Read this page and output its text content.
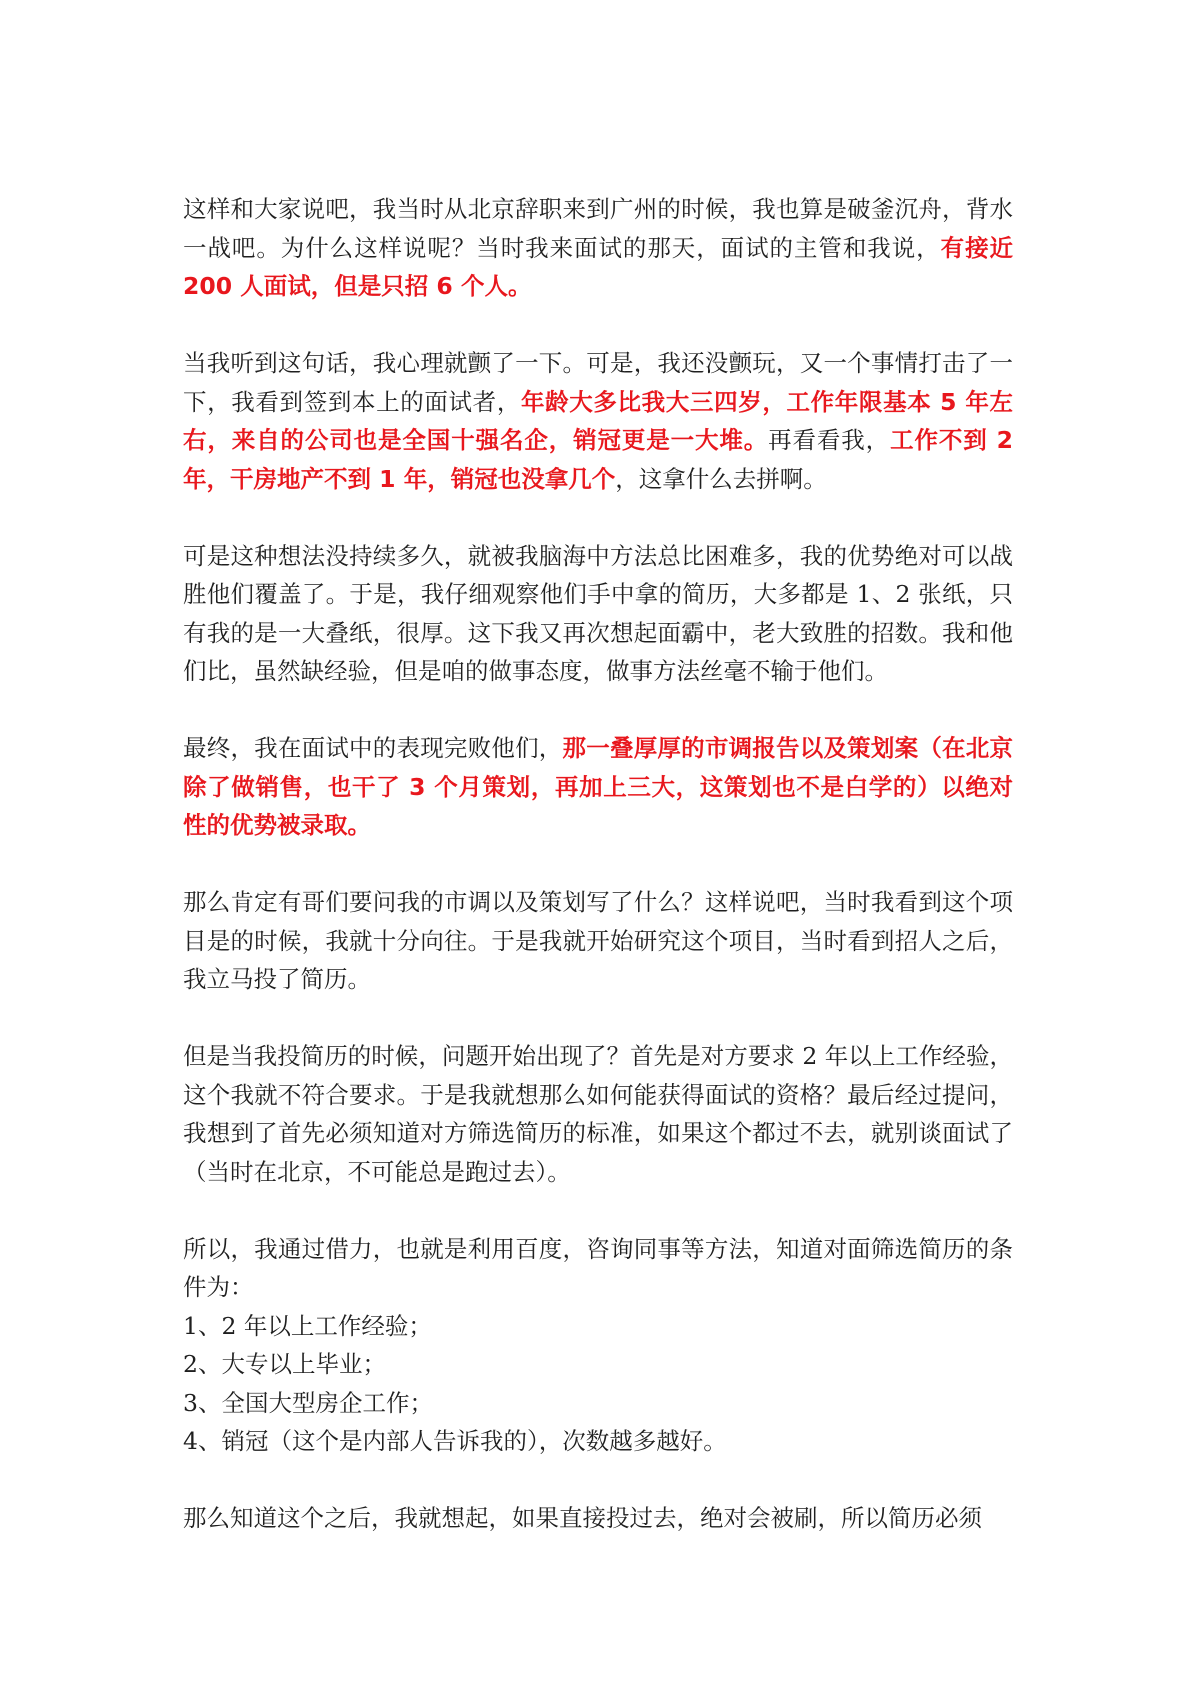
这样和大家说吧，我当时从北京辞职来到广州的时候，我也算是破釜沉舟，背水一战吧。为什么这样说呢？当时我来面试的那天，面试的主管和我说，有接近 200 人面试，但是只招 6 个人。

当我听到这句话，我心理就颤了一下。可是，我还没颤玩，又一个事情打击了一下，我看到签到本上的面试者，年龄大多比我大三四岁，工作年限基本 5 年左右，来自的公司也是全国十强名企，销冠更是一大堆。再看看我，工作不到 2 年，干房地产不到 1 年，销冠也没拿几个，这拿什么去拼啊。

可是这种想法没持续多久，就被我脑海中方法总比困难多，我的优势绝对可以战胜他们覆盖了。于是，我仔细观察他们手中拿的简历，大多都是 1、2 张纸，只有我的是一大叠纸，很厚。这下我又再次想起面霸中，老大致胜的招数。我和他们比，虽然缺经验，但是咱的做事态度，做事方法丝毫不输于他们。

最终，我在面试中的表现完败他们，那一叠厚厚的市调报告以及策划案（在北京除了做销售，也干了 3 个月策划，再加上三大，这策划也不是白学的）以绝对性的优势被录取。

那么肯定有哥们要问我的市调以及策划写了什么？这样说吧，当时我看到这个项目是的时候，我就十分向往。于是我就开始研究这个项目，当时看到招人之后，我立马投了简历。

但是当我投简历的时候，问题开始出现了？首先是对方要求 2 年以上工作经验，这个我就不符合要求。于是我就想那么如何能获得面试的资格？最后经过提问，我想到了首先必须知道对方筛选简历的标准，如果这个都过不去，就别谈面试了（当时在北京，不可能总是跑过去）。

所以，我通过借力，也就是利用百度，咨询同事等方法，知道对面筛选简历的条件为：

1、2 年以上工作经验；
2、大专以上毕业；
3、全国大型房企工作；
4、销冠（这个是内部人告诉我的），次数越多越好。

那么知道这个之后，我就想起，如果直接投过去，绝对会被刷，所以简历必须
